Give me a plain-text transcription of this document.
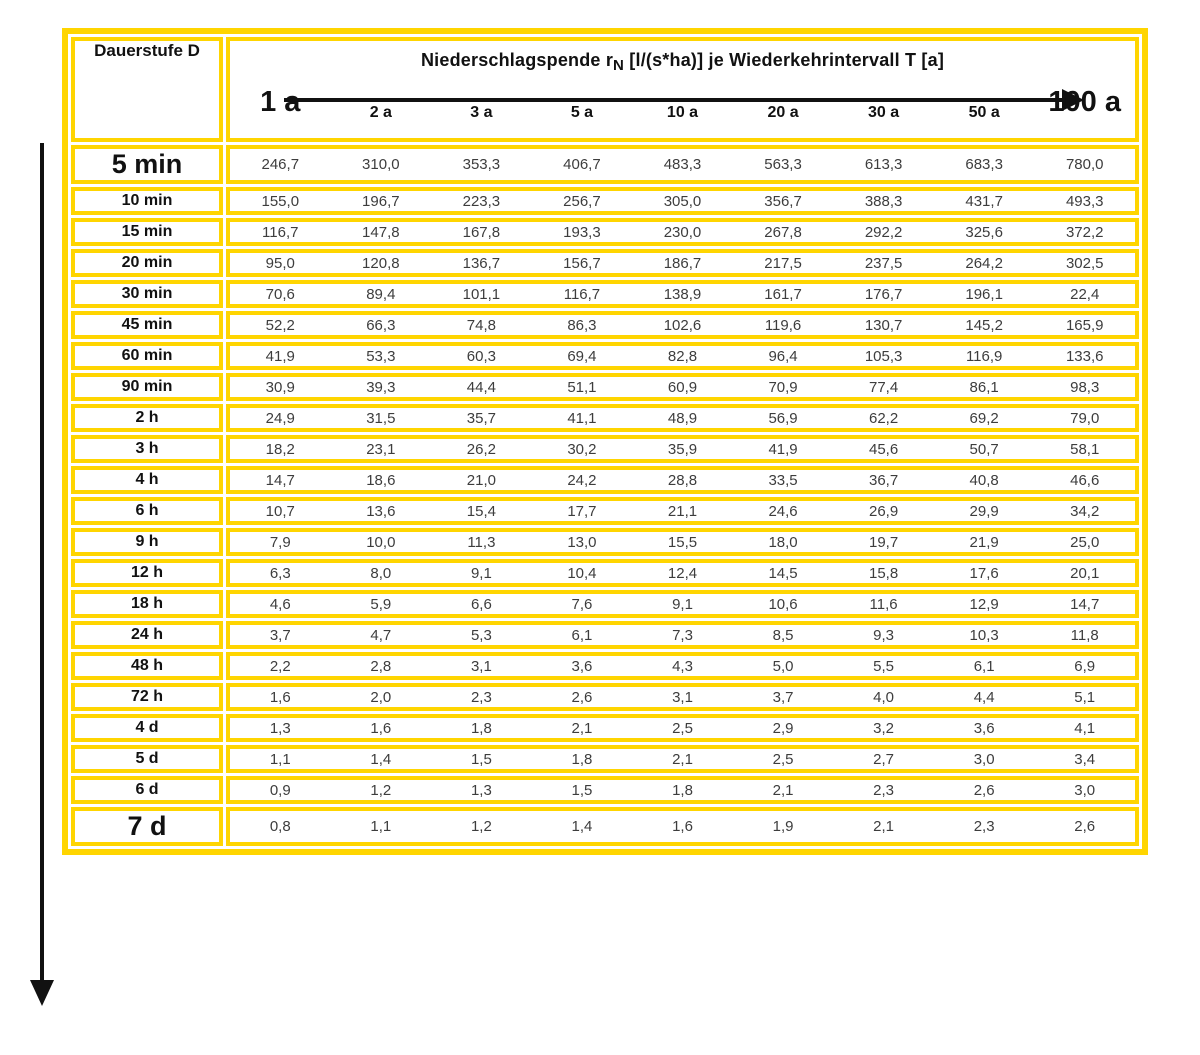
Dauerstufe D	Niederschlagspende $r_N$ [l/(s*ha)] je Wiederkehrintervall T [a]
1 a	2 a	3 a	5 a	10 a	20 a	30 a	50 a	100 a

5 min	246,7	310,0	353,3	406,7	483,3	563,3	613,3	683,3	780,0

10 min	155,0	196,7	223,3	256,7	305,0	356,7	388,3	431,7	493,3

15 min	116,7	147,8	167,8	193,3	230,0	267,8	292,2	325,6	372,2

20 min	95,0	120,8	136,7	156,7	186,7	217,5	237,5	264,2	302,5

30 min	70,6	89,4	101,1	116,7	138,9	161,7	176,7	196,1	22,4

45 min	52,2	66,3	74,8	86,3	102,6	119,6	130,7	145,2	165,9

60 min	41,9	53,3	60,3	69,4	82,8	96,4	105,3	116,9	133,6

90 min	30,9	39,3	44,4	51,1	60,9	70,9	77,4	86,1	98,3

2 h	24,9	31,5	35,7	41,1	48,9	56,9	62,2	69,2	79,0

3 h	18,2	23,1	26,2	30,2	35,9	41,9	45,6	50,7	58,1

4 h	14,7	18,6	21,0	24,2	28,8	33,5	36,7	40,8	46,6

6 h	10,7	13,6	15,4	17,7	21,1	24,6	26,9	29,9	34,2

9 h	7,9	10,0	11,3	13,0	15,5	18,0	19,7	21,9	25,0

12 h	6,3	8,0	9,1	10,4	12,4	14,5	15,8	17,6	20,1

18 h	4,6	5,9	6,6	7,6	9,1	10,6	11,6	12,9	14,7

24 h	3,7	4,7	5,3	6,1	7,3	8,5	9,3	10,3	11,8

48 h	2,2	2,8	3,1	3,6	4,3	5,0	5,5	6,1	6,9

72 h	1,6	2,0	2,3	2,6	3,1	3,7	4,0	4,4	5,1

4 d	1,3	1,6	1,8	2,1	2,5	2,9	3,2	3,6	4,1

5 d	1,1	1,4	1,5	1,8	2,1	2,5	2,7	3,0	3,4

6 d	0,9	1,2	1,3	1,5	1,8	2,1	2,3	2,6	3,0

7 d	0,8	1,1	1,2	1,4	1,6	1,9	2,1	2,3	2,6
